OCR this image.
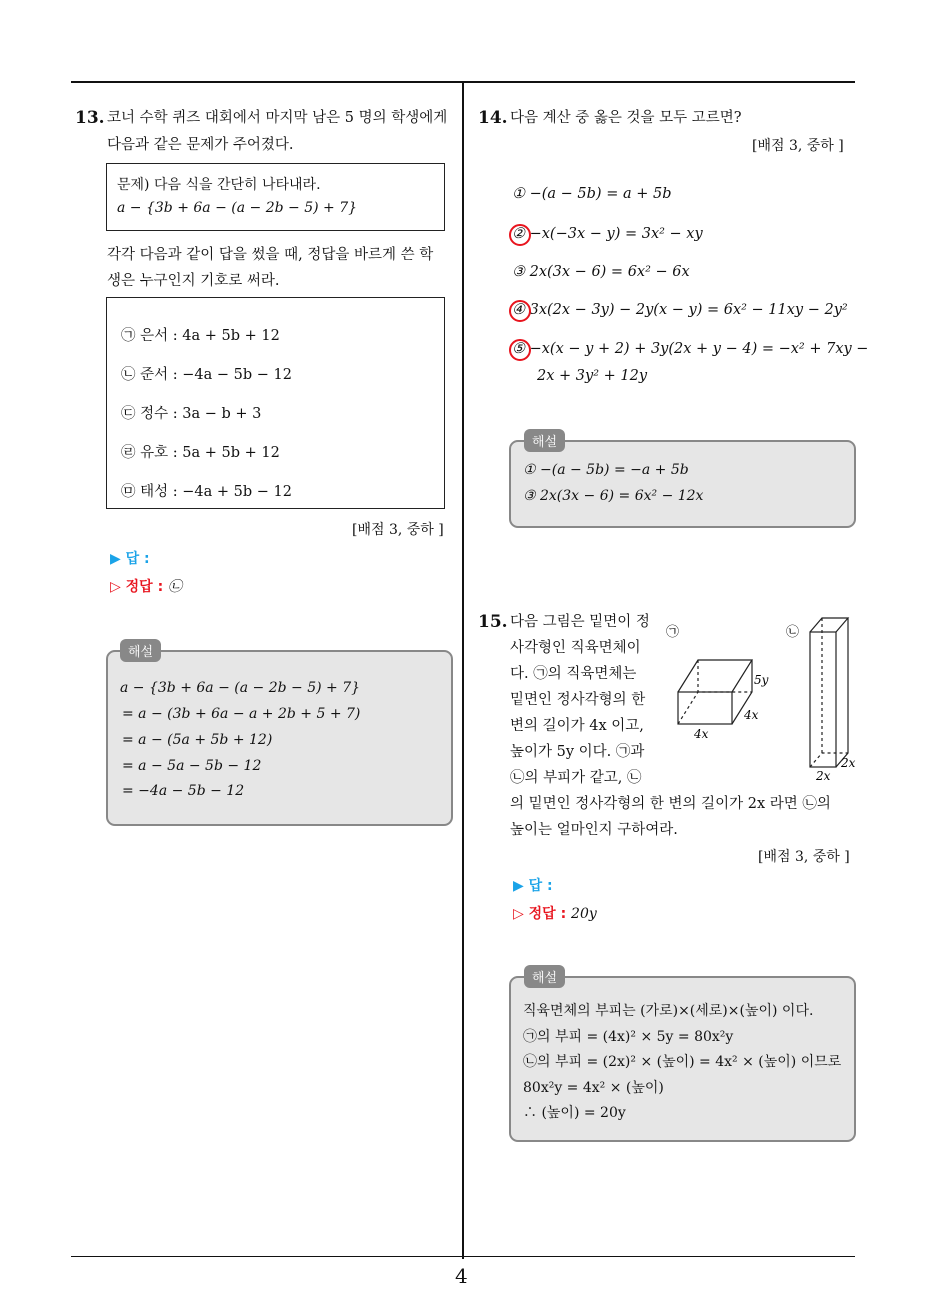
4
13. 코너 수학 퀴즈 대회에서 마지막 남은 5 명의 학생에게
다음과 같은 문제가 주어졌다.
문제) 다음 식을 간단히 나타내라.
a − {3b + 6a − (a − 2b − 5) + 7}
각각 다음과 같이 답을 썼을 때, 정답을 바르게 쓴 학
생은 누구인지 기호로 써라.
㉠ 은서 : 4a + 5b + 12
㉡ 준서 : −4a − 5b − 12
㉢ 정수 : 3a − b + 3
㉣ 유호 : 5a + 5b + 12
㉤ 태성 : −4a + 5b − 12
[배점 3, 중하 ]
▶ 답 :
▷ 정답 : ㉡
a − {3b + 6a − (a − 2b − 5) + 7}
= a − (3b + 6a − a + 2b + 5 + 7)
= a − (5a + 5b + 12)
= a − 5a − 5b − 12
= −4a − 5b − 12
해설
14. 다음 계산 중 옳은 것을 모두 고르면?
[배점 3, 중하 ]
① −(a − 5b) = a + 5b
② −x(−3x − y) = 3x² − xy
③ 2x(3x − 6) = 6x² − 6x
④ 3x(2x − 3y) − 2y(x − y) = 6x² − 11xy − 2y²
⑤ −x(x − y + 2) + 3y(2x + y − 4) = −x² + 7xy −
2x + 3y² + 12y
① −(a − 5b) = −a + 5b
③ 2x(3x − 6) = 6x² − 12x
해설
15. 다음 그림은 밑면이 정
사각형인 직육면체이
다. ㉠의 직육면체는
밑면인 정사각형의 한
변의 길이가 4x 이고,
높이가 5y 이다. ㉠과
㉡의 부피가 같고, ㉡
의 밑면인 정사각형의 한 변의 길이가 2x 라면 ㉡의
높이는 얼마인지 구하여라.
㉠	㉡
5y
4x
4x
2x
2x
[배점 3, 중하 ]
▶ 답 :
▷ 정답 : 20y
직육면체의 부피는 (가로)×(세로)×(높이) 이다.
㉠의 부피 = (4x)² × 5y = 80x²y
㉡의 부피 = (2x)² × (높이) = 4x² × (높이) 이므로
80x²y = 4x² × (높이)
∴ (높이) = 20y
해설
